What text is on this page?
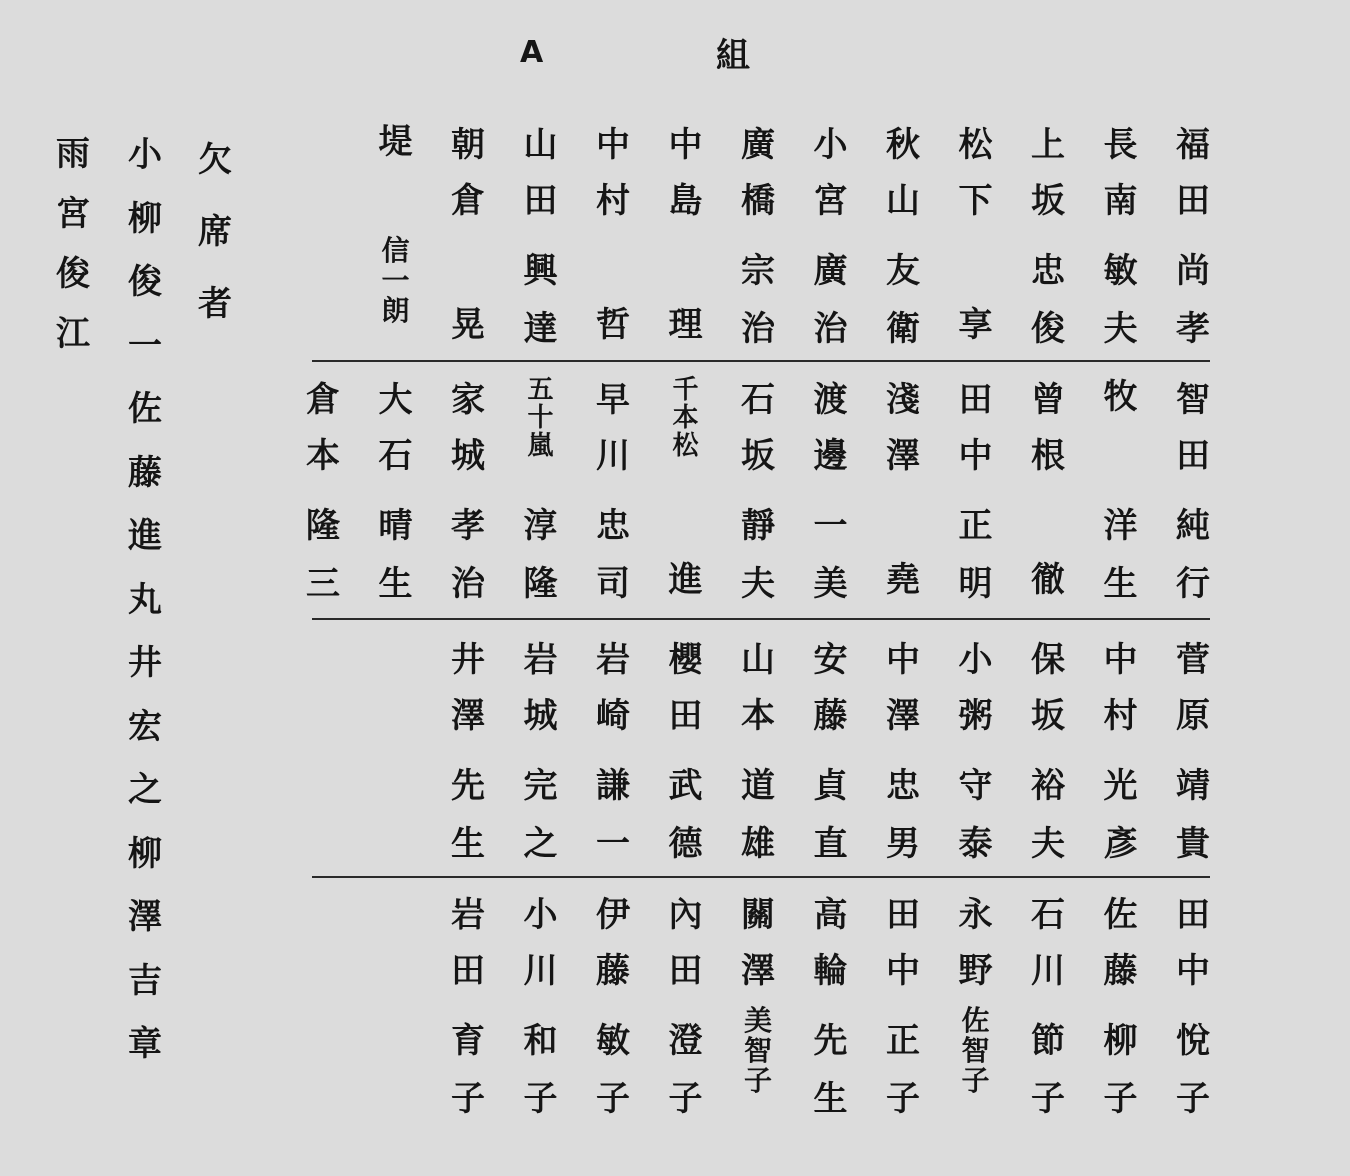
A	組
福
田
尚
孝
長
南
敏
夫
上
坂
忠
俊
松
下
享
秋
山
友
衛
小
宮
廣
治
廣
橋
宗
治
中
島
理
中
村
哲
山
田
興
達
朝
倉
晃
堤
信
一
朗
智
田
純
行
牧
洋
生
曾
根
徹
田
中
正
明
淺
澤
堯
渡
邊
一
美
石
坂
靜
夫
千
本
松
進
早
川
忠
司
五
十
嵐
淳
隆
家
城
孝
治
大
石
晴
生
倉
本
隆
三
菅
原
靖
貴
中
村
光
彥
保
坂
裕
夫
小
粥
守
泰
中
澤
忠
男
安
藤
貞
直
山
本
道
雄
櫻
田
武
德
岩
崎
謙
一
岩
城
完
之
井
澤
先
生
田
中
悅
子
佐
藤
柳
子
石
川
節
子
永
野
佐
智
子
田
中
正
子
高
輪
先
生
關
澤
美
智
子
內
田
澄
子
伊
藤
敏
子
小
川
和
子
岩
田
育
子
欠
席
者
小
柳
俊
一
佐
藤
進
丸
井
宏
之
柳
澤
吉
章
雨
宮
俊
江
